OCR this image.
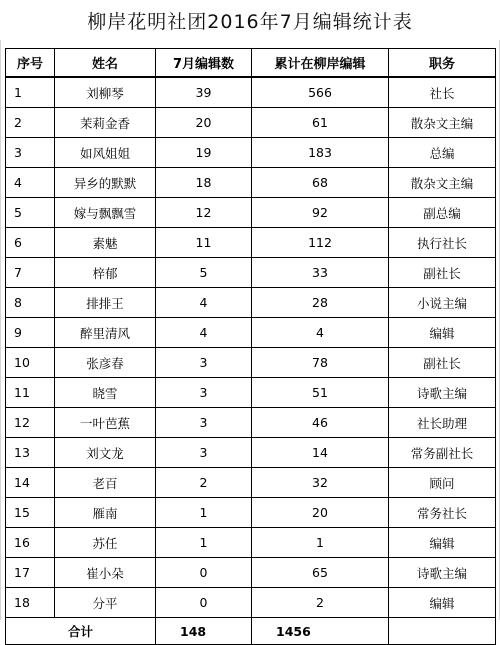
柳岸花明社团2016年7月编辑统计表
序号	姓名	7月编辑数	累计在柳岸编辑	职务
1	刘柳琴	39	566	社长
2	茉莉金香	20	61	散杂文主编
3	如风姐姐	19	183	总编
4	异乡的默默	18	68	散杂文主编
5	嫁与飘飘雪	12	92	副总编
6	素魅	11	112	执行社长
7	梓郁	5	33	副社长
8	排排王	4	28	小说主编
9	醉里清风	4	4	编辑
10	张彦春	3	78	副社长
11	晓雪	3	51	诗歌主编
12	一叶芭蕉	3	46	社长助理
13	刘文龙	3	14	常务副社长
14	老百	2	32	顾问
15	雁南	1	20	常务社长
16	苏任	1	1	编辑
17	崔小朵	0	65	诗歌主编
18	分平	0	2	编辑
合计		148	1456	
